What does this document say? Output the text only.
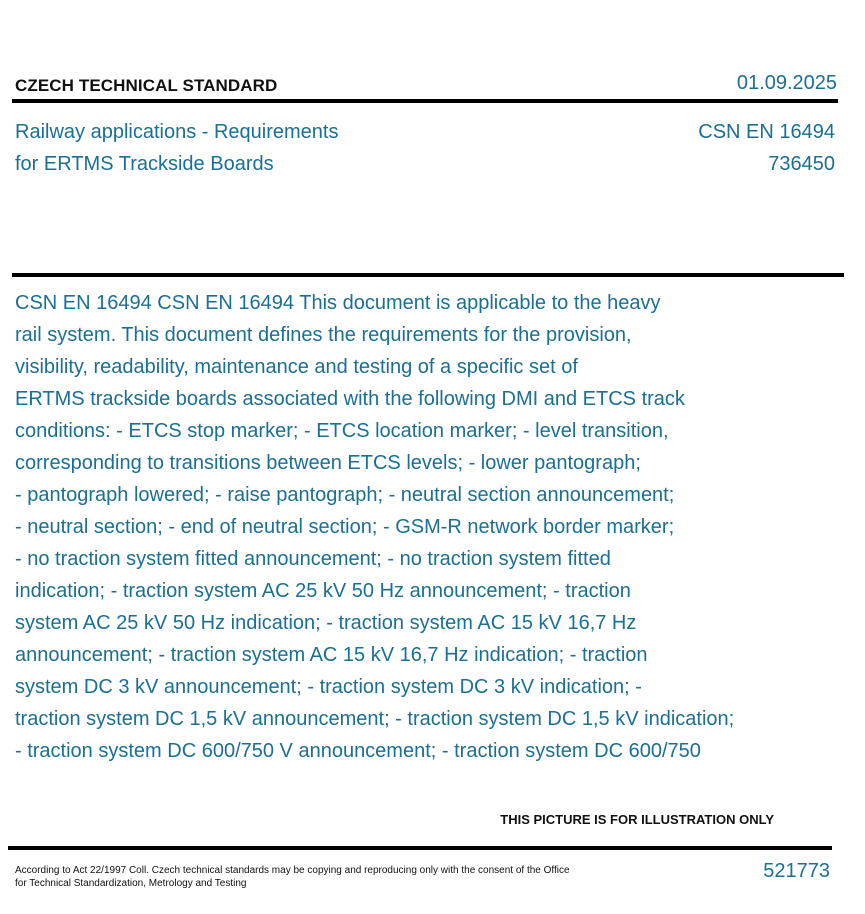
CZECH TECHNICAL STANDARD	01.09.2025
Railway applications - Requirements
for ERTMS Trackside Boards
CSN EN 16494
736450
CSN EN 16494 CSN EN 16494 This document is applicable to the heavy
rail system. This document defines the requirements for the provision,
visibility, readability, maintenance and testing of a specific set of
ERTMS trackside boards associated with the following DMI and ETCS track
conditions: - ETCS stop marker; - ETCS location marker; - level transition,
corresponding to transitions between ETCS levels; - lower pantograph;
- pantograph lowered; - raise pantograph; - neutral section announcement;
- neutral section; - end of neutral section; - GSM-R network border marker;
- no traction system fitted announcement; - no traction system fitted
indication; - traction system AC 25 kV 50 Hz announcement; - traction
system AC 25 kV 50 Hz indication; - traction system AC 15 kV 16,7 Hz
announcement; - traction system AC 15 kV 16,7 Hz indication; - traction
system DC 3 kV announcement; - traction system DC 3 kV indication; -
traction system DC 1,5 kV announcement; - traction system DC 1,5 kV indication;
- traction system DC 600/750 V announcement; - traction system DC 600/750
THIS PICTURE IS FOR ILLUSTRATION ONLY
According to Act 22/1997 Coll. Czech technical standards may be copying and reproducing only with the consent of the Office
for Technical Standardization, Metrology and Testing
521773
